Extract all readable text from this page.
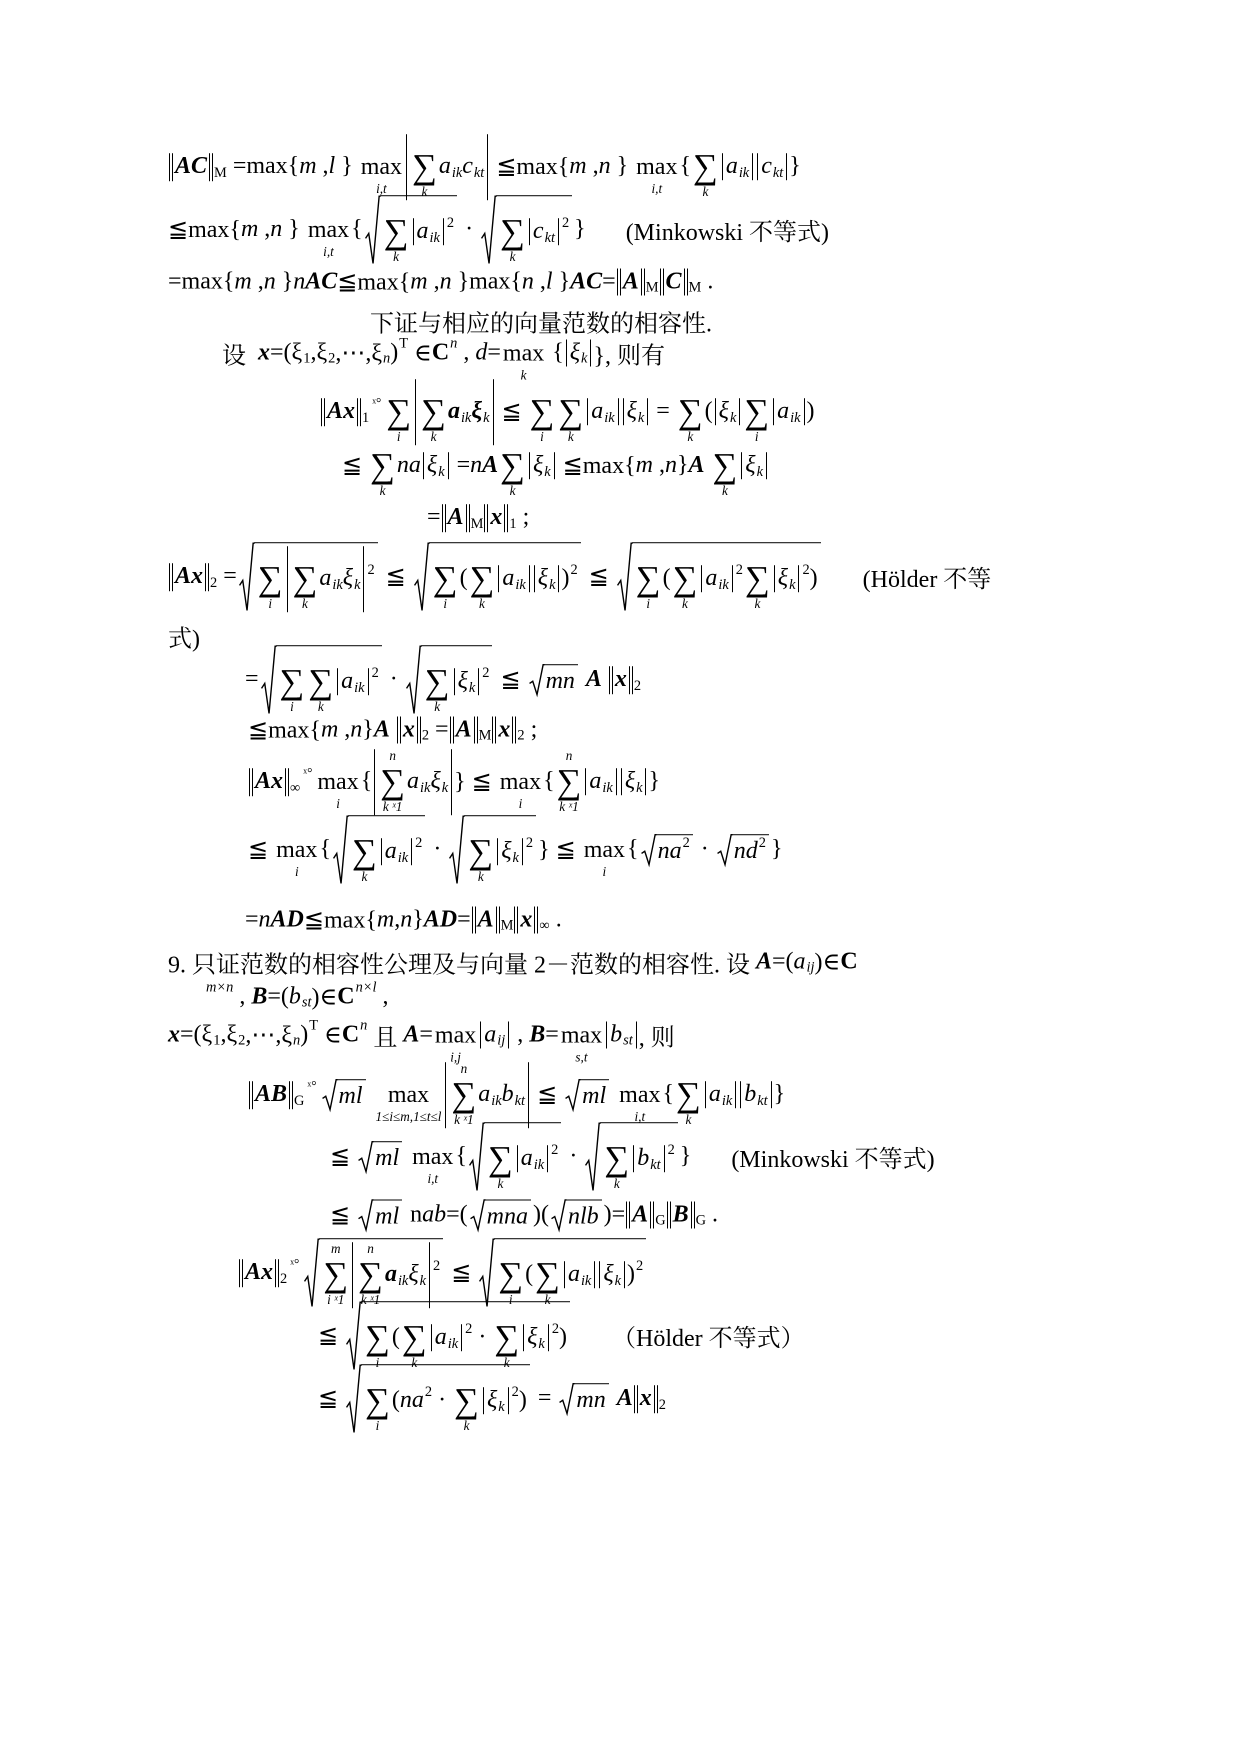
AC M =max{ m , l } max
i,t
∑
k
a ik c kt ≦max{ m , n } max
i,t
{ ∑
k
a ik c kt }
≦max{ m , n } max
i,t
{ ∑
k
a ik
2 · ∑
k
c kt
2 } (Minkowski 不等式)
=max{ m , n } n AC ≦max{ m , n }max{ n , l } AC = A M C M .
下证与相应的向量范数的相容性.
设 x =(ξ 1 ,ξ 2 ,⋯,ξ n ) T ∈ C n , d = max
k
{ ξ k }, 则有
Ax 1
ˣ° ∑
i
∑
k
a ik ξ k ≦ ∑
i
∑
k
a ik ξ k = ∑
k
( ξ k ∑
i
a ik )
≦ ∑
k
na ξ k = n A ∑
k
ξ k ≦max{ m , n } A
∑
k
ξ k
= A M x 1 ;
Ax 2 = ∑
i
∑
k
a ik ξ k
2 ≦ ∑
i
( ∑
k
a ik ξ k ) 2 ≦ ∑
i
( ∑
k
a ik
2 ∑
k
ξ k
2 ) (Hölder 不等
式)
= ∑
i
∑
k
a ik
2 · ∑
k
ξ k
2 ≦ mn
A
x 2
≦max{ m , n } A
x 2 = A M x 2 ;
Ax ∞
ˣ° max
i
{
n
∑
k ˣ1
a ik ξ k } ≦ max
i
{
n
∑
k ˣ1
a ik ξ k }
≦ max
i
{ ∑
k
a ik
2 · ∑
k
ξ k
2 } ≦ max
i
{ na 2 · nd 2 }
= n AD ≦max{ m , n } AD = A M x ∞ .
9. 只证范数的相容性公理及与向量 2－范数的相容性. 设 A =( a ij )∈ C
m×n , B =( b st )∈ C n×l ,
x =(ξ 1 ,ξ 2 ,⋯,ξ n ) T ∈ C n 且 A = max
i,j
a ij , B = max
s,t
b st , 则
AB G
ˣ° ml
max
1≤i≤m,1≤t≤l
n
∑
k ˣ1
a ik b kt ≦ ml
max
i,t
{ ∑
k
a ik b kt }
≦ ml
max
i,t
{ ∑
k
a ik
2 · ∑
k
b kt
2 } (Minkowski 不等式)
≦ ml n ab =( mna )( nlb )= A G B G .
Ax 2
ˣ°
m
∑
i ˣ1
n
∑
k ˣ1
a ik ξ k
2 ≦ ∑
i
( ∑
k
a ik ξ k ) 2
≦ ∑
i
( ∑
k
a ik
2 · ∑
k
ξ k
2 ) （Hölder 不等式）
≦ ∑
i
( na 2 · ∑
k
ξ k
2 ) = mn
A x 2
